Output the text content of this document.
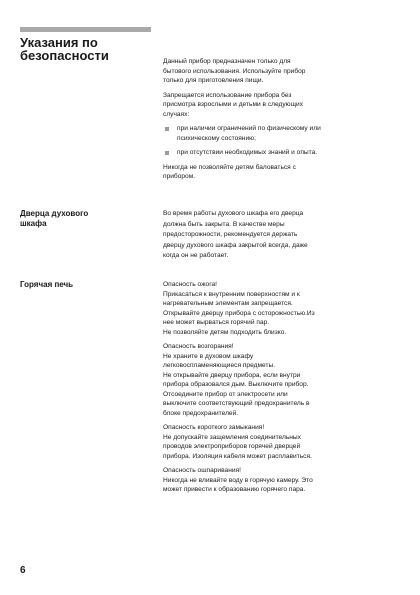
Указания по
безопасности	Данный прибор предназначен только для
бытового использования. Используйте прибор
только для приготовления пищи.

Запрещается использование прибора без
присмотра взрослыми и детьми в следующих
случаях:

при наличии ограничений по физическому или
психическому состоянию;
при отсутствии необходимых знаний и опыта.

Никогда не позволяйте детям баловаться с
прибором.

Дверца духового
шкафа
Во время работы духового шкафа его дверца
должна быть закрыта. В качестве меры
предосторожности, рекомендуется держать
дверцу духового шкафа закрытой всегда, даже
когда он не работает.
Горячая печь	Опасность ожога!
Прикасаться к внутренним поверхностям и к
нагревательным элементам запрещается.
Открывайте дверцу прибора с осторожностью.Из
нее может вырваться горячий пар.
Не позволяйте детям подходить близко.
Опасность возгорания!
Не храните в духовом шкафу
легковоспламеняющиеся предметы.
Не открывайте дверцу прибора, если внутри
прибора образовался дым. Выключите прибор.
Отсоедините прибор от электросети или
выключите соответствующий предохранитель в
блоке предохранителей.
Опасность короткого замыкания!
Не допускайте защемления соединительных
проводов электроприборов горячей дверцей
прибора. Изоляция кабеля может расплавиться.
Опасность ошпаривания!
Никогда не вливайте воду в горячую камеру. Это
может привести к образованию горячего пара.
6
